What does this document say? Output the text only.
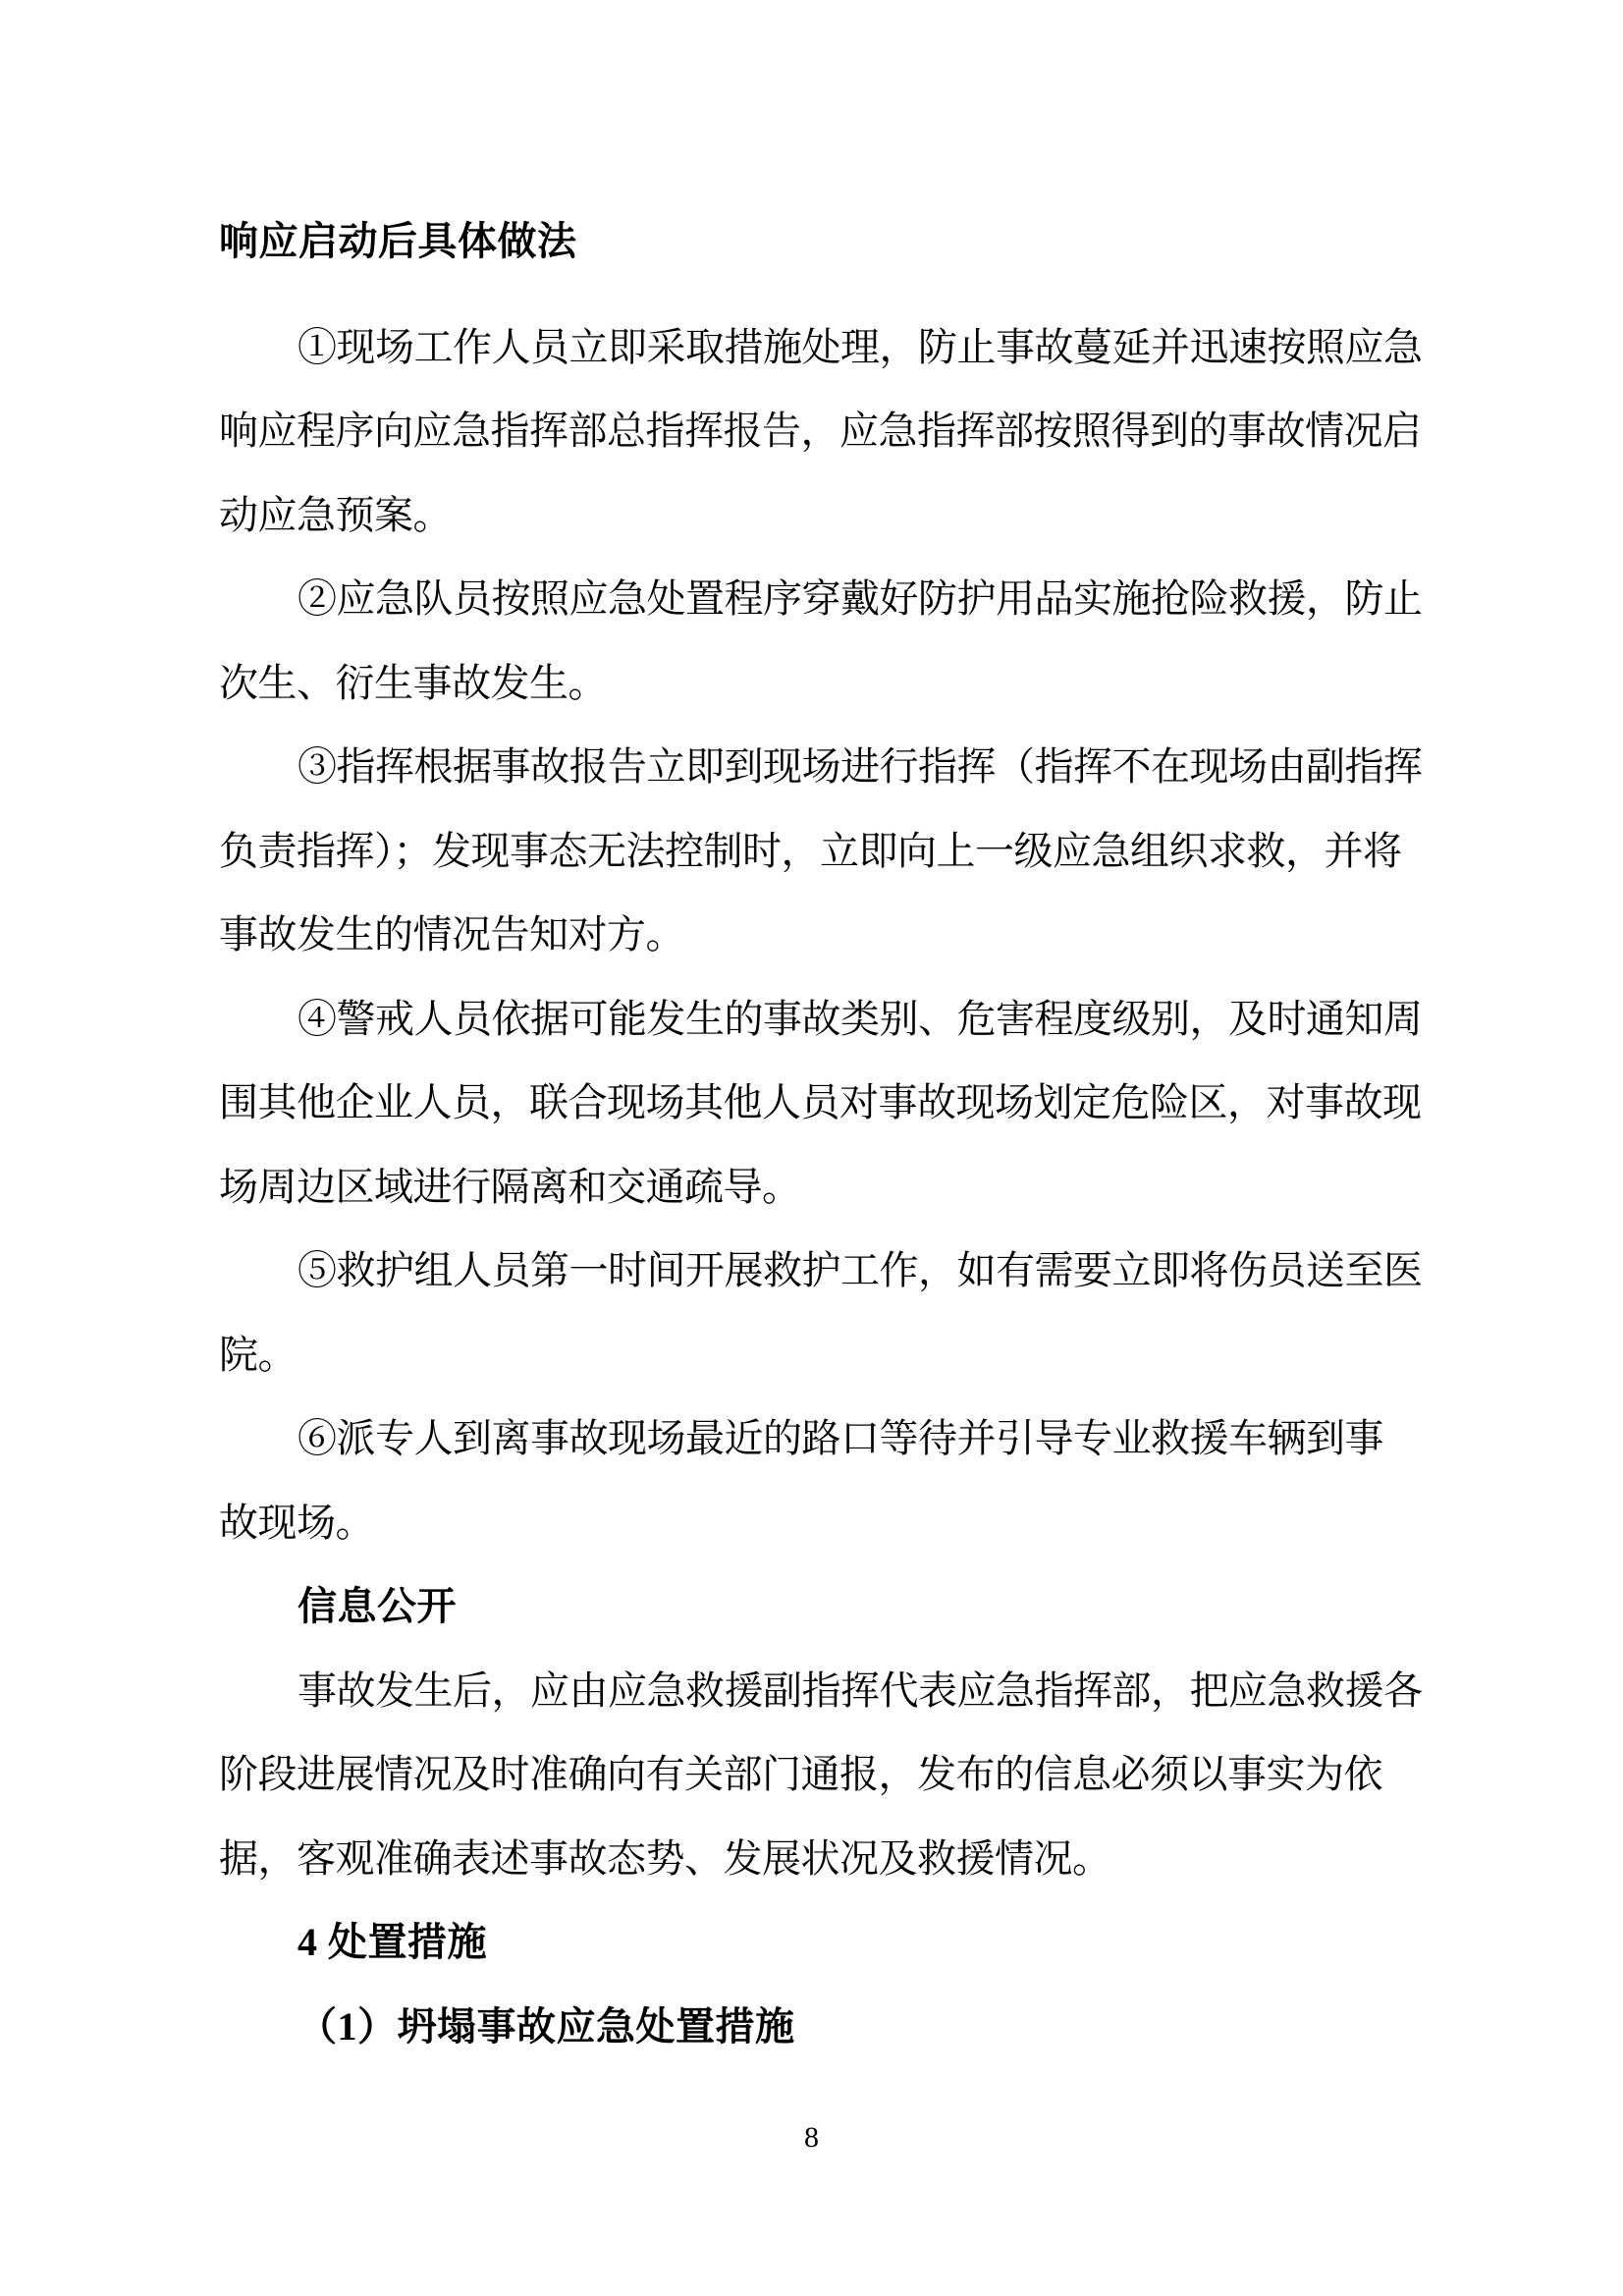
响应启动后具体做法
①现场工作人员立即采取措施处理，防止事故蔓延并迅速按照应急
响应程序向应急指挥部总指挥报告，应急指挥部按照得到的事故情况启
动应急预案。
②应急队员按照应急处置程序穿戴好防护用品实施抢险救援，防止
次生、衍生事故发生。
③指挥根据事故报告立即到现场进行指挥（指挥不在现场由副指挥
负责指挥）；发现事态无法控制时，立即向上一级应急组织求救，并将
事故发生的情况告知对方。
④警戒人员依据可能发生的事故类别、危害程度级别，及时通知周
围其他企业人员，联合现场其他人员对事故现场划定危险区，对事故现
场周边区域进行隔离和交通疏导。
⑤救护组人员第一时间开展救护工作，如有需要立即将伤员送至医
院。
⑥派专人到离事故现场最近的路口等待并引导专业救援车辆到事
故现场。
信息公开
事故发生后，应由应急救援副指挥代表应急指挥部，把应急救援各
阶段进展情况及时准确向有关部门通报，发布的信息必须以事实为依
据，客观准确表述事故态势、发展状况及救援情况。
4 处置措施
（1）坍塌事故应急处置措施
8
